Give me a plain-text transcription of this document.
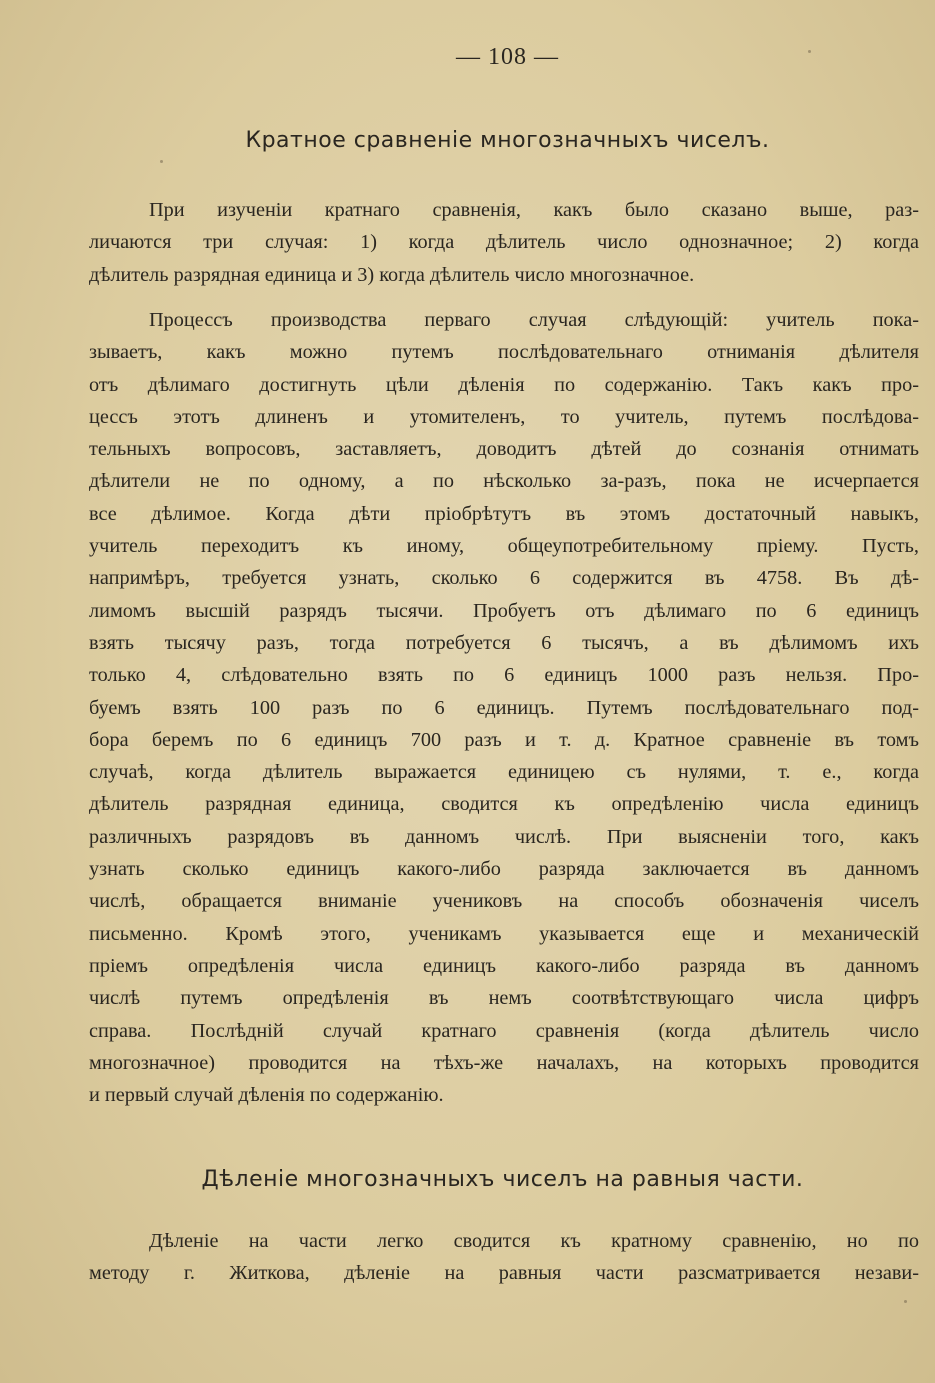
— 108 —
Кратное сравненіе многозначныхъ чиселъ.
При изученіи кратнаго сравненія, какъ было сказано выше, раз-
личаются три случая: 1) когда дѣлитель число однозначное; 2) когда
дѣлитель разрядная единица и 3) когда дѣлитель число многозначное.
Процессъ производства перваго случая слѣдующій: учитель пока-
зываетъ, какъ можно путемъ послѣдовательнаго отниманія дѣлителя
отъ дѣлимаго достигнуть цѣли дѣленія по содержанію. Такъ какъ про-
цессъ этотъ длиненъ и утомителенъ, то учитель, путемъ послѣдова-
тельныхъ вопросовъ, заставляетъ, доводитъ дѣтей до сознанія отнимать
дѣлители не по одному, а по нѣсколько за-разъ, пока не исчерпается
все дѣлимое. Когда дѣти пріобрѣтутъ въ этомъ достаточный навыкъ,
учитель переходитъ къ иному, общеупотребительному пріему. Пусть,
напримѣръ, требуется узнать, сколько 6 содержится въ 4758. Въ дѣ-
лимомъ высшій разрядъ тысячи. Пробуетъ отъ дѣлимаго по 6 единицъ
взять тысячу разъ, тогда потребуется 6 тысячъ, а въ дѣлимомъ ихъ
только 4, слѣдовательно взять по 6 единицъ 1000 разъ нельзя. Про-
буемъ взять 100 разъ по 6 единицъ. Путемъ послѣдовательнаго под-
бора беремъ по 6 единицъ 700 разъ и т. д. Кратное сравненіе въ томъ
случаѣ, когда дѣлитель выражается единицею съ нулями, т. е., когда
дѣлитель разрядная единица, сводится къ опредѣленію числа единицъ
различныхъ разрядовъ въ данномъ числѣ. При выясненіи того, какъ
узнать сколько единицъ какого-либо разряда заключается въ данномъ
числѣ, обращается вниманіе учениковъ на способъ обозначенія чиселъ
письменно. Кромѣ этого, ученикамъ указывается еще и механическій
пріемъ опредѣленія числа единицъ какого-либо разряда въ данномъ
числѣ путемъ опредѣленія въ немъ соотвѣтствующаго числа цифръ
справа. Послѣдній случай кратнаго сравненія (когда дѣлитель число
многозначное) проводится на тѣхъ-же началахъ, на которыхъ проводится
и первый случай дѣленія по содержанію.
Дѣленіе многозначныхъ чиселъ на равныя части.
Дѣленіе на части легко сводится къ кратному сравненію, но по
методу г. Житкова, дѣленіе на равныя части разсматривается незави-
